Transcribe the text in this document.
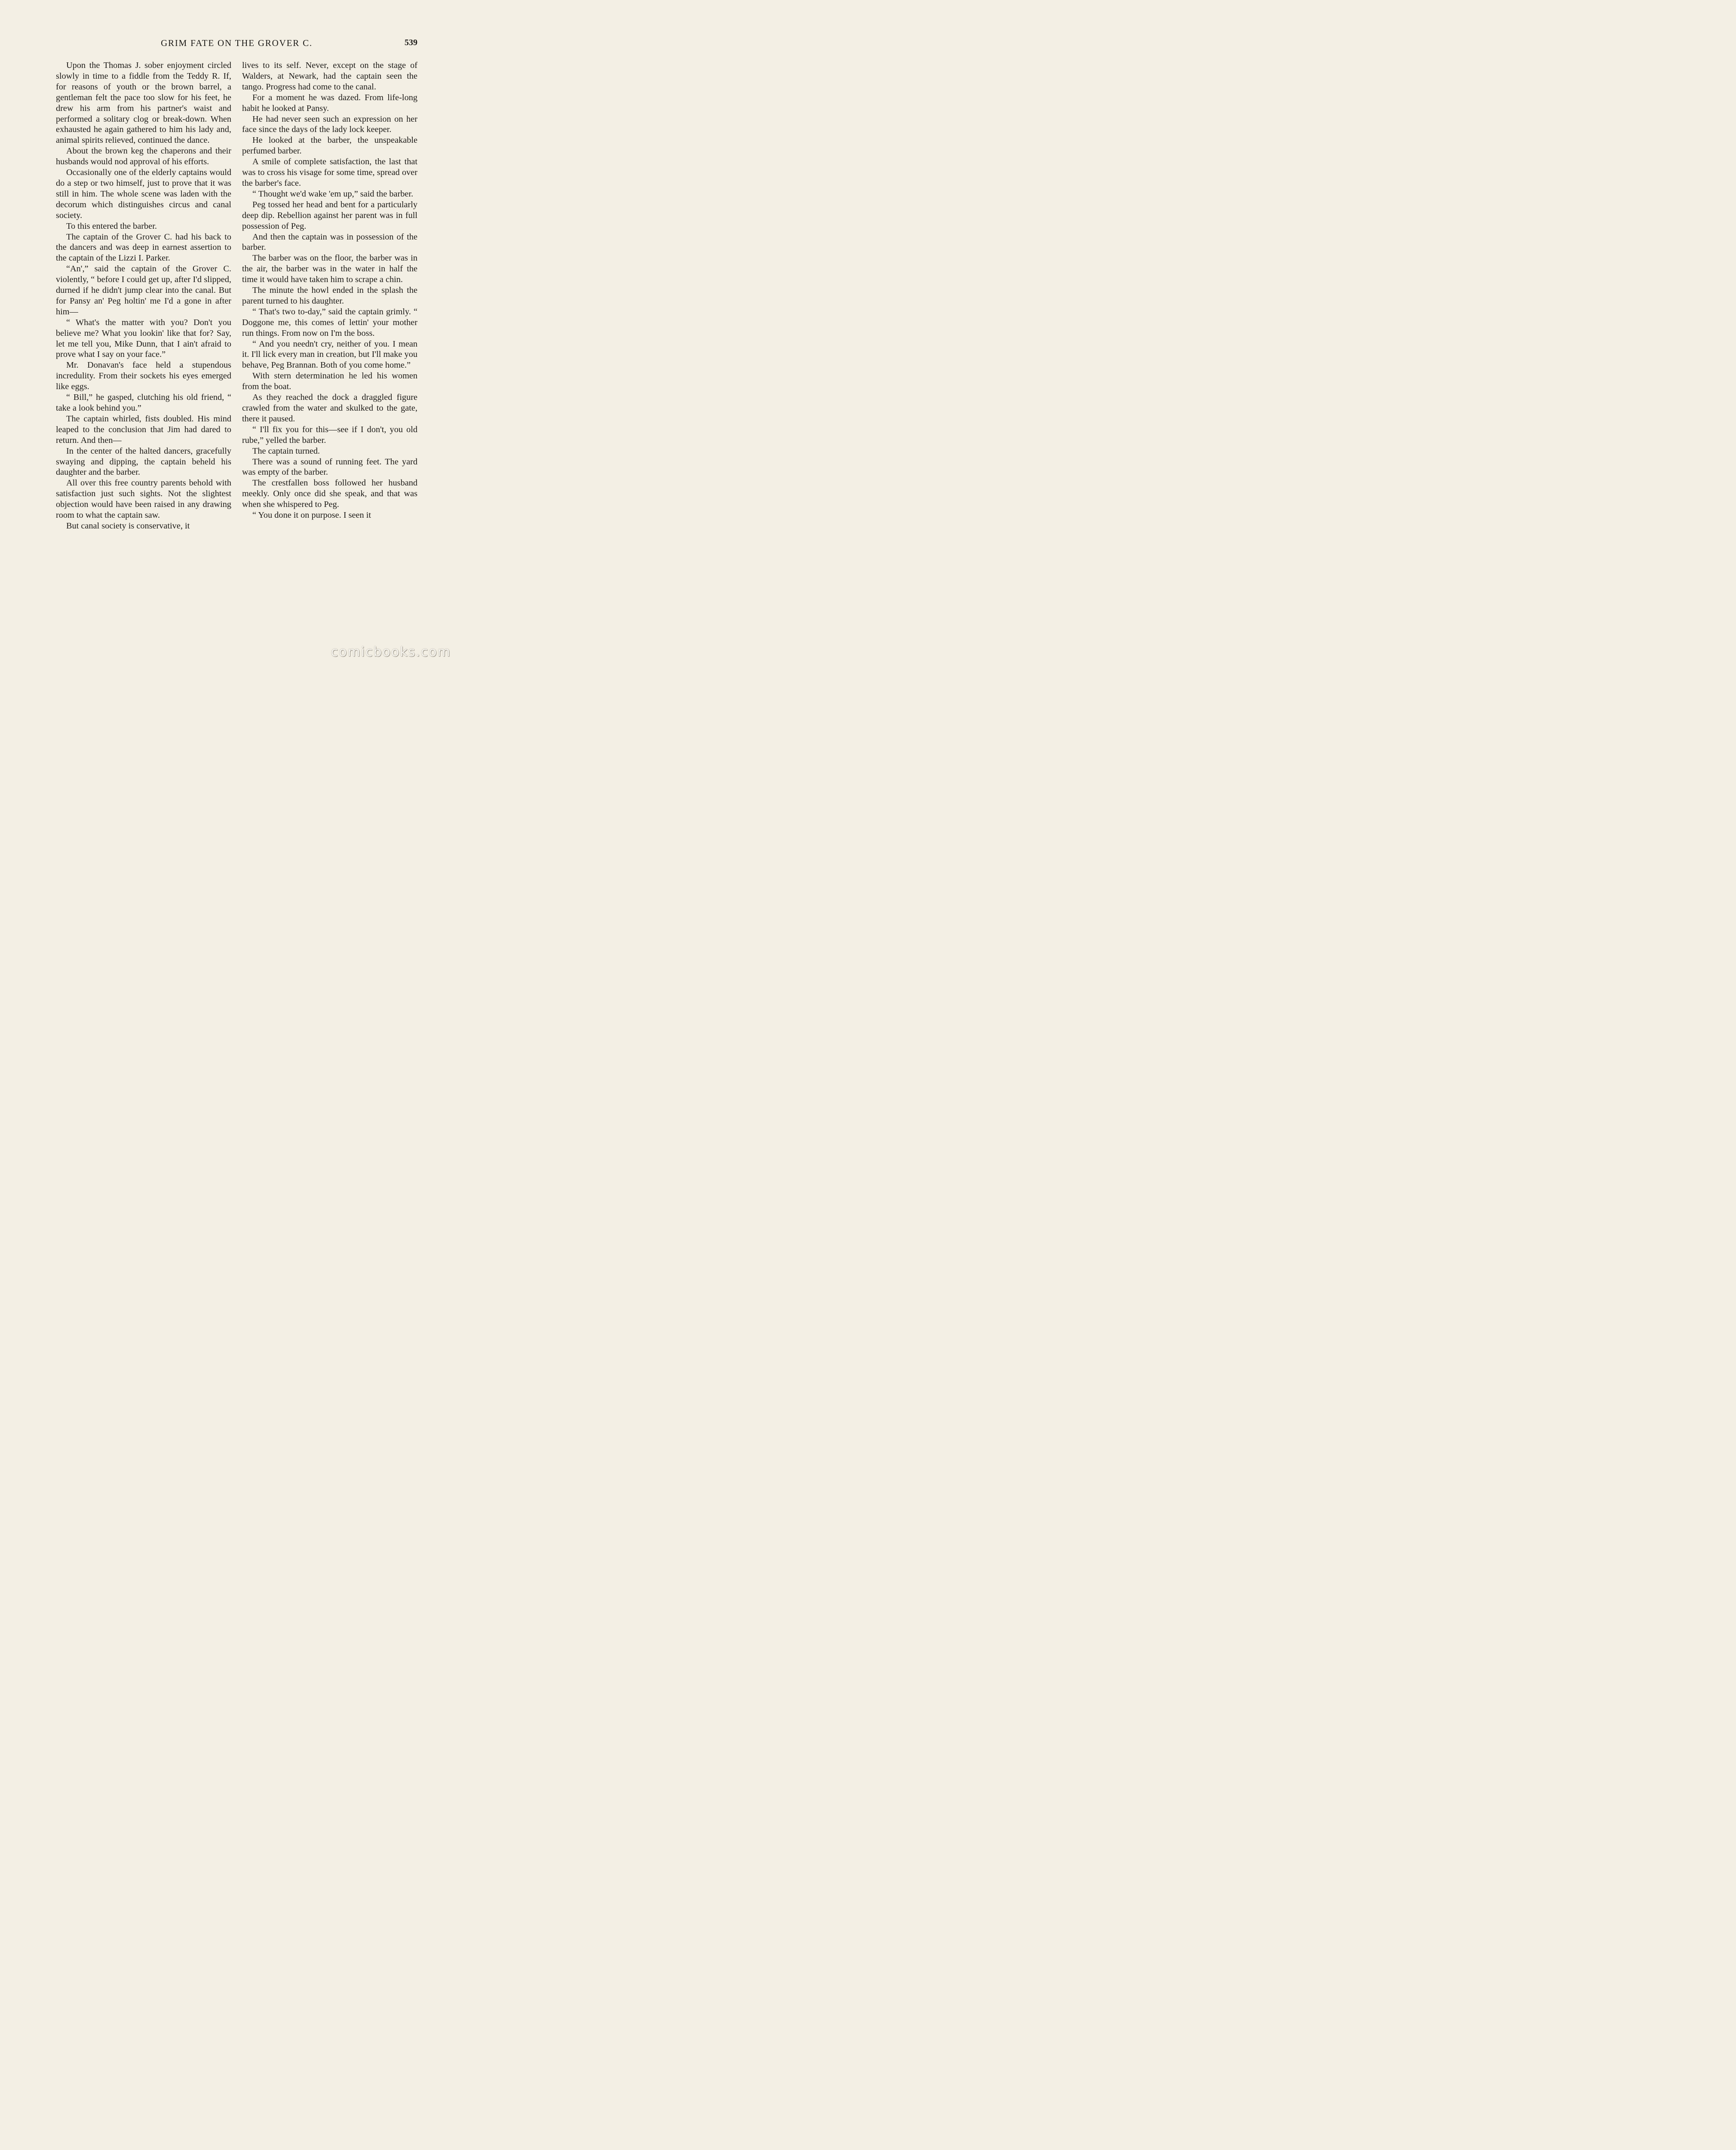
GRIM FATE ON THE GROVER C.	539

Upon the Thomas J. sober enjoyment circled slowly in time to a fiddle from the Teddy R. If, for reasons of youth or the brown barrel, a gentleman felt the pace too slow for his feet, he drew his arm from his partner's waist and performed a solitary clog or break-down. When exhausted he again gathered to him his lady and, animal spirits relieved, continued the dance.

About the brown keg the chaperons and their husbands would nod approval of his efforts.

Occasionally one of the elderly captains would do a step or two himself, just to prove that it was still in him. The whole scene was laden with the decorum which distinguishes circus and canal society.

To this entered the barber.

The captain of the Grover C. had his back to the dancers and was deep in earnest assertion to the captain of the Lizzi I. Parker.

“An',” said the captain of the Grover C. violently, “ before I could get up, after I'd slipped, durned if he didn't jump clear into the canal. But for Pansy an' Peg holtin' me I'd a gone in after him—

“ What's the matter with you? Don't you believe me? What you lookin' like that for? Say, let me tell you, Mike Dunn, that I ain't afraid to prove what I say on your face.”

Mr. Donavan's face held a stupendous incredulity. From their sockets his eyes emerged like eggs.

“ Bill,” he gasped, clutching his old friend, “ take a look behind you.”

The captain whirled, fists doubled. His mind leaped to the conclusion that Jim had dared to return. And then—

In the center of the halted dancers, gracefully swaying and dipping, the captain beheld his daughter and the barber.

All over this free country parents behold with satisfaction just such sights. Not the slightest objection would have been raised in any drawing room to what the captain saw.

But canal society is conservative, it

lives to its self. Never, except on the stage of Walders, at Newark, had the captain seen the tango. Progress had come to the canal.

For a moment he was dazed. From life-long habit he looked at Pansy.

He had never seen such an expression on her face since the days of the lady lock keeper.

He looked at the barber, the unspeakable perfumed barber.

A smile of complete satisfaction, the last that was to cross his visage for some time, spread over the barber's face.

“ Thought we'd wake 'em up,” said the barber.

Peg tossed her head and bent for a particularly deep dip. Rebellion against her parent was in full possession of Peg.

And then the captain was in possession of the barber.

The barber was on the floor, the barber was in the air, the barber was in the water in half the time it would have taken him to scrape a chin.

The minute the howl ended in the splash the parent turned to his daughter.

“ That's two to-day,” said the captain grimly. “ Doggone me, this comes of lettin' your mother run things. From now on I'm the boss.

“ And you needn't cry, neither of you. I mean it. I'll lick every man in creation, but I'll make you behave, Peg Brannan. Both of you come home.”

With stern determination he led his women from the boat.

As they reached the dock a draggled figure crawled from the water and skulked to the gate, there it paused.

“ I'll fix you for this—see if I don't, you old rube,” yelled the barber.

The captain turned.

There was a sound of running feet. The yard was empty of the barber.

The crestfallen boss followed her husband meekly. Only once did she speak, and that was when she whispered to Peg.

“ You done it on purpose. I seen it

comicbooks.com
